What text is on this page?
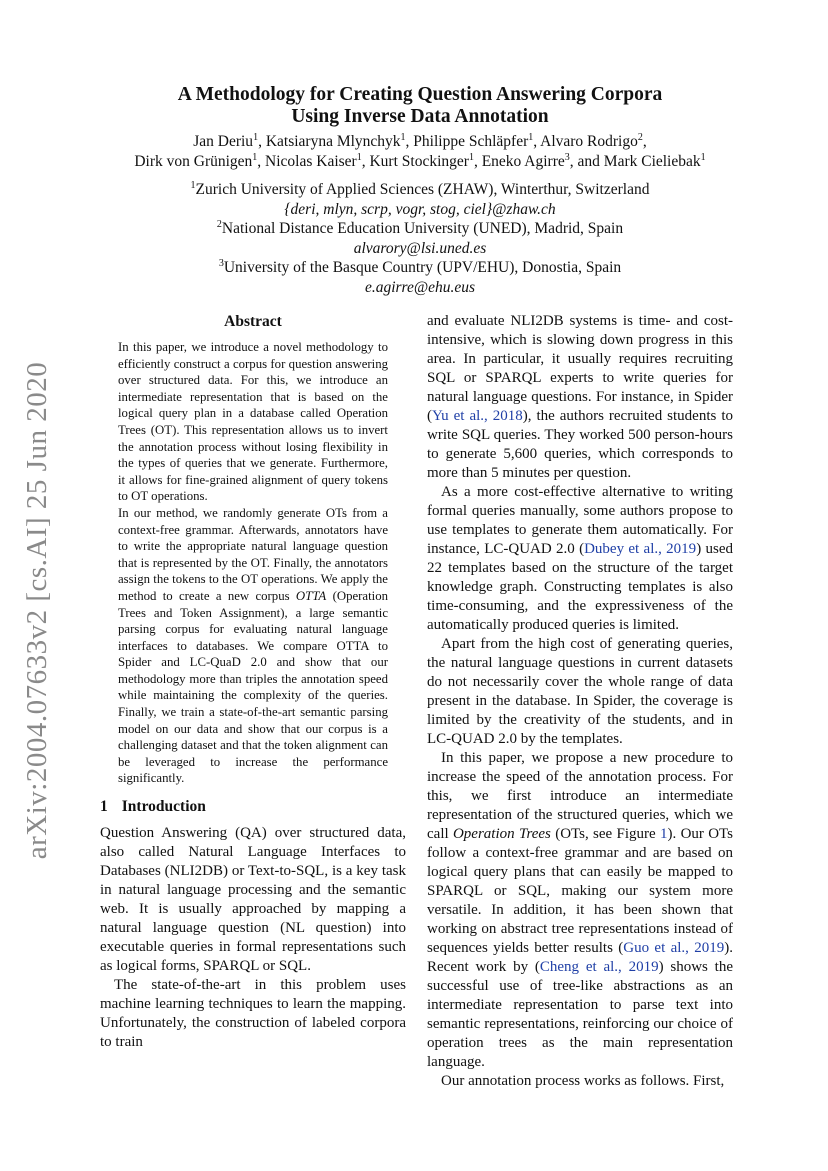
arXiv:2004.07633v2 [cs.AI] 25 Jun 2020
A Methodology for Creating Question Answering Corpora
Using Inverse Data Annotation
Jan Deriu$^1$, Katsiaryna Mlynchyk$^1$, Philippe Schläpfer$^1$, Alvaro Rodrigo$^2$,
Dirk von Grünigen$^1$, Nicolas Kaiser$^1$, Kurt Stockinger$^1$, Eneko Agirre$^3$, and Mark Cieliebak$^1$
$^1$Zurich University of Applied Sciences (ZHAW), Winterthur, Switzerland
{deri, mlyn, scrp, vogr, stog, ciel}@zhaw.ch
$^2$National Distance Education University (UNED), Madrid, Spain
alvarory@lsi.uned.es
$^3$University of the Basque Country (UPV/EHU), Donostia, Spain
e.agirre@ehu.eus
Abstract

In this paper, we introduce a novel methodology to efficiently construct a corpus for question answering over structured data. For this, we introduce an intermediate representation that is based on the logical query plan in a database called Operation Trees (OT). This representation allows us to invert the annotation process without losing flexibility in the types of queries that we generate. Furthermore, it allows for fine-grained alignment of query tokens to OT operations.

In our method, we randomly generate OTs from a context-free grammar. Afterwards, annotators have to write the appropriate natural language question that is represented by the OT. Finally, the annotators assign the tokens to the OT operations. We apply the method to create a new corpus OTTA (Operation Trees and Token Assignment), a large semantic parsing corpus for evaluating natural language interfaces to databases. We compare OTTA to Spider and LC-QuaD 2.0 and show that our methodology more than triples the annotation speed while maintaining the complexity of the queries. Finally, we train a state-of-the-art semantic parsing model on our data and show that our corpus is a challenging dataset and that the token alignment can be leveraged to increase the performance significantly.

1 Introduction

Question Answering (QA) over structured data, also called Natural Language Interfaces to Databases (NLI2DB) or Text-to-SQL, is a key task in natural language processing and the semantic web. It is usually approached by mapping a natural language question (NL question) into executable queries in formal representations such as logical forms, SPARQL or SQL.

The state-of-the-art in this problem uses machine learning techniques to learn the mapping. Unfortunately, the construction of labeled corpora to train

and evaluate NLI2DB systems is time- and cost-intensive, which is slowing down progress in this area. In particular, it usually requires recruiting SQL or SPARQL experts to write queries for natural language questions. For instance, in Spider (Yu et al., 2018), the authors recruited students to write SQL queries. They worked 500 person-hours to generate 5,600 queries, which corresponds to more than 5 minutes per question.

As a more cost-effective alternative to writing formal queries manually, some authors propose to use templates to generate them automatically. For instance, LC-QUAD 2.0 (Dubey et al., 2019) used 22 templates based on the structure of the target knowledge graph. Constructing templates is also time-consuming, and the expressiveness of the automatically produced queries is limited.

Apart from the high cost of generating queries, the natural language questions in current datasets do not necessarily cover the whole range of data present in the database. In Spider, the coverage is limited by the creativity of the students, and in LC-QUAD 2.0 by the templates.

In this paper, we propose a new procedure to increase the speed of the annotation process. For this, we first introduce an intermediate representation of the structured queries, which we call Operation Trees (OTs, see Figure 1). Our OTs follow a context-free grammar and are based on logical query plans that can easily be mapped to SPARQL or SQL, making our system more versatile. In addition, it has been shown that working on abstract tree representations instead of sequences yields better results (Guo et al., 2019). Recent work by (Cheng et al., 2019) shows the successful use of tree-like abstractions as an intermediate representation to parse text into semantic representations, reinforcing our choice of operation trees as the main representation language.

Our annotation process works as follows. First,
